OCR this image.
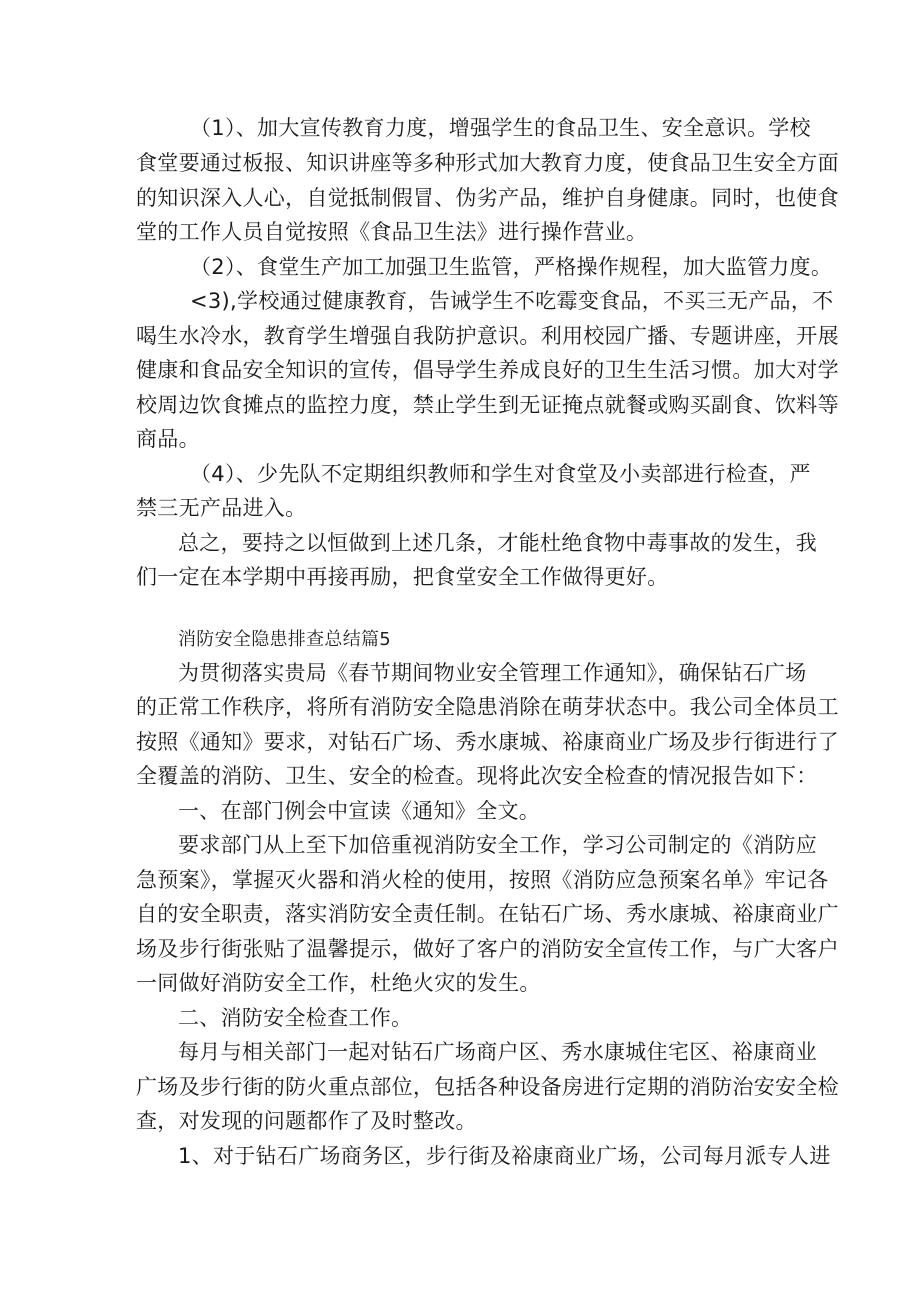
（1）、加大宣传教育力度，增强学生的食品卫生、安全意识。学校
食堂要通过板报、知识讲座等多种形式加大教育力度，使食品卫生安全方面
的知识深入人心，自觉抵制假冒、伪劣产品，维护自身健康。同时，也使食
堂的工作人员自觉按照《食品卫生法》进行操作营业。
（2）、食堂生产加工加强卫生监管，严格操作规程，加大监管力度。
<3),学校通过健康教育，告诫学生不吃霉变食品，不买三无产品，不
喝生水冷水，教育学生增强自我防护意识。利用校园广播、专题讲座，开展
健康和食品安全知识的宣传，倡导学生养成良好的卫生生活习惯。加大对学
校周边饮食摊点的监控力度，禁止学生到无证掩点就餐或购买副食、饮料等
商品。
（4）、少先队不定期组织教师和学生对食堂及小卖部进行检查，严
禁三无产品进入。
总之，要持之以恒做到上述几条，才能杜绝食物中毒事故的发生，我
们一定在本学期中再接再励，把食堂安全工作做得更好。
消防安全隐患排查总结篇5
为贯彻落实贵局《春节期间物业安全管理工作通知》，确保钻石广场
的正常工作秩序，将所有消防安全隐患消除在萌芽状态中。我公司全体员工
按照《通知》要求，对钻石广场、秀水康城、裕康商业广场及步行街进行了
全覆盖的消防、卫生、安全的检查。现将此次安全检查的情况报告如下：
一、在部门例会中宣读《通知》全文。
要求部门从上至下加倍重视消防安全工作，学习公司制定的《消防应
急预案》，掌握灭火器和消火栓的使用，按照《消防应急预案名单》牢记各
自的安全职责，落实消防安全责任制。在钻石广场、秀水康城、裕康商业广
场及步行街张贴了温馨提示，做好了客户的消防安全宣传工作，与广大客户
一同做好消防安全工作，杜绝火灾的发生。
二、消防安全检查工作。
每月与相关部门一起对钻石广场商户区、秀水康城住宅区、裕康商业
广场及步行街的防火重点部位，包括各种设备房进行定期的消防治安安全检
查，对发现的问题都作了及时整改。
1、对于钻石广场商务区，步行街及裕康商业广场，公司每月派专人进
